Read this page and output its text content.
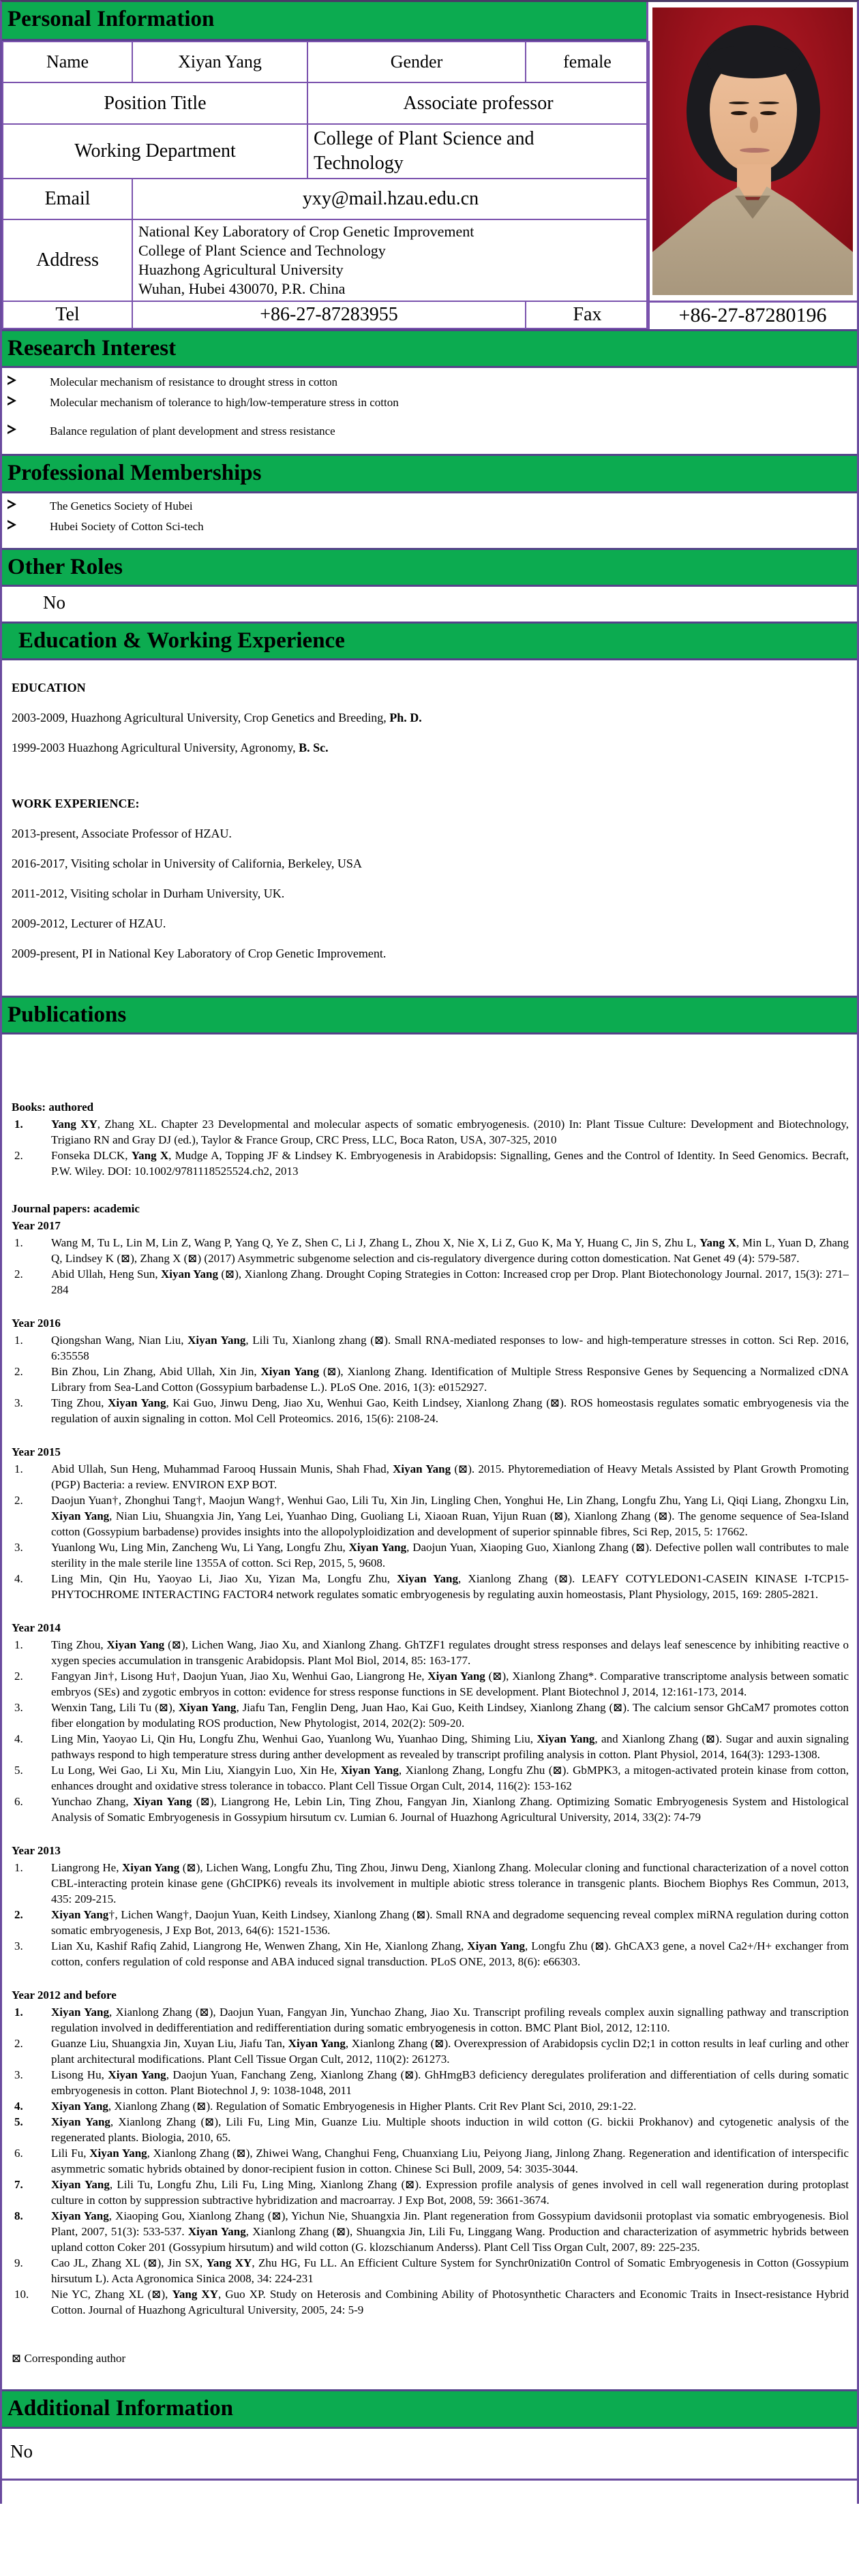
Personal Information
Name	Xiyan Yang	Gender	female
Position Title		Associate professor	
Working Department		College of Plant Science and Technology	
Email	yxy@mail.hzau.edu.cn		
Address	National Key Laboratory of Crop Genetic Improvement
College of Plant Science and Technology
Huazhong Agricultural University
Wuhan, Hubei 430070, P.R. China		

Tel	+86-27-87283955		Fax	+86-27-87280196
Research Interest
Molecular mechanism of resistance to drought stress in cotton
Molecular mechanism of tolerance to high/low-temperature stress in cotton
Balance regulation of plant development and stress resistance
Professional Memberships
The Genetics Society of Hubei
Hubei Society of Cotton Sci-tech
Other Roles
No
Education & Working Experience
EDUCATION

2003-2009, Huazhong Agricultural University, Crop Genetics and Breeding, Ph. D.

1999-2003 Huazhong Agricultural University, Agronomy, B. Sc.

WORK EXPERIENCE:

2013-present, Associate Professor of HZAU.

2016-2017, Visiting scholar in University of California, Berkeley, USA

2011-2012, Visiting scholar in Durham University, UK.

2009-2012, Lecturer of HZAU.

2009-present, PI in National Key Laboratory of Crop Genetic Improvement.

Publications
Books: authored
1.	Yang XY, Zhang XL. Chapter 23 Developmental and molecular aspects of somatic embryogenesis. (2010) In: Plant Tissue Culture: Development and Biotechnology, Trigiano RN and Gray DJ (ed.), Taylor & France Group, CRC Press, LLC, Boca Raton, USA, 307-325, 2010
2.	Fonseka DLCK, Yang X, Mudge A, Topping JF & Lindsey K. Embryogenesis in Arabidopsis: Signalling, Genes and the Control of Identity. In Seed Genomics. Becraft, P.W. Wiley. DOI: 10.1002/9781118525524.ch2, 2013
Journal papers: academic
Year 2017
1.	Wang M, Tu L, Lin M, Lin Z, Wang P, Yang Q, Ye Z, Shen C, Li J, Zhang L, Zhou X, Nie X, Li Z, Guo K, Ma Y, Huang C, Jin S, Zhu L, Yang X, Min L, Yuan D, Zhang Q, Lindsey K (⊠), Zhang X (⊠) (2017) Asymmetric subgenome selection and cis-regulatory divergence during cotton domestication. Nat Genet 49 (4): 579-587.
2.	Abid Ullah, Heng Sun, Xiyan Yang (⊠), Xianlong Zhang. Drought Coping Strategies in Cotton: Increased crop per Drop. Plant Biotechonology Journal. 2017, 15(3): 271–284
Year 2016
1.	Qiongshan Wang, Nian Liu, Xiyan Yang, Lili Tu, Xianlong zhang (⊠). Small RNA-mediated responses to low- and high-temperature stresses in cotton. Sci Rep. 2016, 6:35558
2.	Bin Zhou, Lin Zhang, Abid Ullah, Xin Jin, Xiyan Yang (⊠), Xianlong Zhang. Identification of Multiple Stress Responsive Genes by Sequencing a Normalized cDNA Library from Sea-Land Cotton (Gossypium barbadense L.). PLoS One. 2016, 1(3): e0152927.
3.	Ting Zhou, Xiyan Yang, Kai Guo, Jinwu Deng, Jiao Xu, Wenhui Gao, Keith Lindsey, Xianlong Zhang (⊠). ROS homeostasis regulates somatic embryogenesis via the regulation of auxin signaling in cotton. Mol Cell Proteomics. 2016, 15(6): 2108-24.
Year 2015
1.	Abid Ullah, Sun Heng, Muhammad Farooq Hussain Munis, Shah Fhad, Xiyan Yang (⊠). 2015. Phytoremediation of Heavy Metals Assisted by Plant Growth Promoting (PGP) Bacteria: a review. ENVIRON EXP BOT.
2.	Daojun Yuan†, Zhonghui Tang†, Maojun Wang†, Wenhui Gao, Lili Tu, Xin Jin, Lingling Chen, Yonghui He, Lin Zhang, Longfu Zhu, Yang Li, Qiqi Liang, Zhongxu Lin, Xiyan Yang, Nian Liu, Shuangxia Jin, Yang Lei, Yuanhao Ding, Guoliang Li, Xiaoan Ruan, Yijun Ruan (⊠), Xianlong Zhang (⊠). The genome sequence of Sea-Island cotton (Gossypium barbadense) provides insights into the allopolyploidization and development of superior spinnable fibres, Sci Rep, 2015, 5: 17662.
3.	Yuanlong Wu, Ling Min, Zancheng Wu, Li Yang, Longfu Zhu, Xiyan Yang, Daojun Yuan, Xiaoping Guo, Xianlong Zhang (⊠). Defective pollen wall contributes to male sterility in the male sterile line 1355A of cotton. Sci Rep, 2015, 5, 9608.
4.	Ling Min, Qin Hu, Yaoyao Li, Jiao Xu, Yizan Ma, Longfu Zhu, Xiyan Yang, Xianlong Zhang (⊠). LEAFY COTYLEDON1-CASEIN KINASE I-TCP15-PHYTOCHROME INTERACTING FACTOR4 network regulates somatic embryogenesis by regulating auxin homeostasis, Plant Physiology, 2015, 169: 2805-2821.
Year 2014
1.	Ting Zhou, Xiyan Yang (⊠), Lichen Wang, Jiao Xu, and Xianlong Zhang. GhTZF1 regulates drought stress responses and delays leaf senescence by inhibiting reactive o xygen species accumulation in transgenic Arabidopsis. Plant Mol Biol, 2014, 85: 163-177.
2.	Fangyan Jin†, Lisong Hu†, Daojun Yuan, Jiao Xu, Wenhui Gao, Liangrong He, Xiyan Yang (⊠), Xianlong Zhang*. Comparative transcriptome analysis between somatic embryos (SEs) and zygotic embryos in cotton: evidence for stress response functions in SE development. Plant Biotechnol J, 2014, 12:161-173, 2014.
3.	Wenxin Tang, Lili Tu (⊠), Xiyan Yang, Jiafu Tan, Fenglin Deng, Juan Hao, Kai Guo, Keith Lindsey, Xianlong Zhang (⊠). The calcium sensor GhCaM7 promotes cotton fiber elongation by modulating ROS production, New Phytologist, 2014, 202(2): 509-20.
4.	Ling Min, Yaoyao Li, Qin Hu, Longfu Zhu, Wenhui Gao, Yuanlong Wu, Yuanhao Ding, Shiming Liu, Xiyan Yang, and Xianlong Zhang (⊠). Sugar and auxin signaling pathways respond to high temperature stress during anther development as revealed by transcript profiling analysis in cotton. Plant Physiol, 2014, 164(3): 1293-1308.
5.	Lu Long, Wei Gao, Li Xu, Min Liu, Xiangyin Luo, Xin He, Xiyan Yang, Xianlong Zhang, Longfu Zhu (⊠). GbMPK3, a mitogen-activated protein kinase from cotton, enhances drought and oxidative stress tolerance in tobacco. Plant Cell Tissue Organ Cult, 2014, 116(2): 153-162
6.	Yunchao Zhang, Xiyan Yang (⊠), Liangrong He, Lebin Lin, Ting Zhou, Fangyan Jin, Xianlong Zhang. Optimizing Somatic Embryogenesis System and Histological Analysis of Somatic Embryogenesis in Gossypium hirsutum cv. Lumian 6. Journal of Huazhong Agricultural University, 2014, 33(2): 74-79
Year 2013
1.	Liangrong He, Xiyan Yang (⊠), Lichen Wang, Longfu Zhu, Ting Zhou, Jinwu Deng, Xianlong Zhang. Molecular cloning and functional characterization of a novel cotton CBL-interacting protein kinase gene (GhCIPK6) reveals its involvement in multiple abiotic stress tolerance in transgenic plants. Biochem Biophys Res Commun, 2013, 435: 209-215.
2.	Xiyan Yang†, Lichen Wang†, Daojun Yuan, Keith Lindsey, Xianlong Zhang (⊠). Small RNA and degradome sequencing reveal complex miRNA regulation during cotton somatic embryogenesis, J Exp Bot, 2013, 64(6): 1521-1536.
3.	Lian Xu, Kashif Rafiq Zahid, Liangrong He, Wenwen Zhang, Xin He, Xianlong Zhang, Xiyan Yang, Longfu Zhu (⊠). GhCAX3 gene, a novel Ca2+/H+ exchanger from cotton, confers regulation of cold response and ABA induced signal transduction. PLoS ONE, 2013, 8(6): e66303.
Year 2012 and before
1.	Xiyan Yang, Xianlong Zhang (⊠), Daojun Yuan, Fangyan Jin, Yunchao Zhang, Jiao Xu. Transcript profiling reveals complex auxin signalling pathway and transcription regulation involved in dedifferentiation and redifferentiation during somatic embryogenesis in cotton. BMC Plant Biol, 2012, 12:110.
2.	Guanze Liu, Shuangxia Jin, Xuyan Liu, Jiafu Tan, Xiyan Yang, Xianlong Zhang (⊠). Overexpression of Arabidopsis cyclin D2;1 in cotton results in leaf curling and other plant architectural modifications. Plant Cell Tissue Organ Cult, 2012, 110(2): 261273.
3.	Lisong Hu, Xiyan Yang, Daojun Yuan, Fanchang Zeng, Xianlong Zhang (⊠). GhHmgB3 deficiency deregulates proliferation and differentiation of cells during somatic embryogenesis in cotton. Plant Biotechnol J, 9: 1038-1048, 2011
4.	Xiyan Yang, Xianlong Zhang (⊠). Regulation of Somatic Embryogenesis in Higher Plants. Crit Rev Plant Sci, 2010, 29:1-22.
5.	Xiyan Yang, Xianlong Zhang (⊠), Lili Fu, Ling Min, Guanze Liu. Multiple shoots induction in wild cotton (G. bickii Prokhanov) and cytogenetic analysis of the regenerated plants. Biologia, 2010, 65.
6.	Lili Fu, Xiyan Yang, Xianlong Zhang (⊠), Zhiwei Wang, Changhui Feng, Chuanxiang Liu, Peiyong Jiang, Jinlong Zhang. Regeneration and identification of interspecific asymmetric somatic hybrids obtained by donor-recipient fusion in cotton. Chinese Sci Bull, 2009, 54: 3035-3044.
7.	Xiyan Yang, Lili Tu, Longfu Zhu, Lili Fu, Ling Ming, Xianlong Zhang (⊠). Expression profile analysis of genes involved in cell wall regeneration during protoplast culture in cotton by suppression subtractive hybridization and macroarray. J Exp Bot, 2008, 59: 3661-3674.
8.	Xiyan Yang, Xiaoping Gou, Xianlong Zhang (⊠), Yichun Nie, Shuangxia Jin. Plant regeneration from Gossypium davidsonii protoplast via somatic embryogenesis. Biol Plant, 2007, 51(3): 533-537. Xiyan Yang, Xianlong Zhang (⊠), Shuangxia Jin, Lili Fu, Linggang Wang. Production and characterization of asymmetric hybrids between upland cotton Coker 201 (Gossypium hirsutum) and wild cotton (G. klozschianum Anderss). Plant Cell Tiss Organ Cult, 2007, 89: 225-235.
9.	Cao JL, Zhang XL (⊠), Jin SX, Yang XY, Zhu HG, Fu LL. An Efficient Culture System for Synchr0nizati0n Control of Somatic Embryogenesis in Cotton (Gossypium hirsutum L). Acta Agronomica Sinica 2008, 34: 224-231
10.	Nie YC, Zhang XL (⊠), Yang XY, Guo XP. Study on Heterosis and Combining Ability of Photosynthetic Characters and Economic Traits in Insect-resistance Hybrid Cotton. Journal of Huazhong Agricultural University, 2005, 24: 5-9
⊠ Corresponding author
Additional Information
No
